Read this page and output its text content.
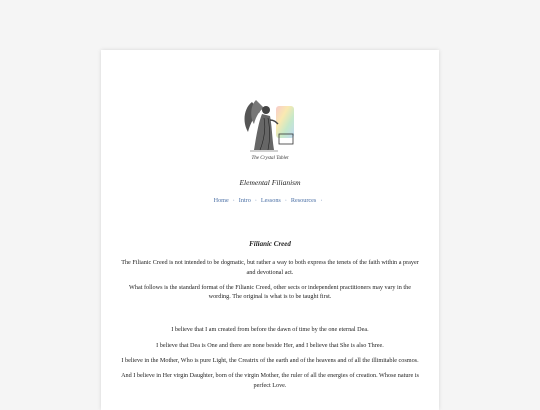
The Crystal Tablet
Elemental Filianism
Home · Intro · Lessons · Resources ·
Filianic Creed

The Filianic Creed is not intended to be dogmatic, but rather a way to both express the tenets of the faith within a prayer and devotional act.

What follows is the standard format of the Filianic Creed, other sects or independent practitioners may vary in the wording. The original is what is to be taught first.

I believe that I am created from before the dawn of time by the one eternal Dea.

I believe that Dea is One and there are none beside Her, and I believe that She is also Three.

I believe in the Mother, Who is pure Light, the Creatrix of the earth and of the heavens and of all the illimitable cosmos.

And I believe in Her virgin Daughter, born of the virgin Mother, the ruler of all the energies of creation. Whose nature is perfect Love.
